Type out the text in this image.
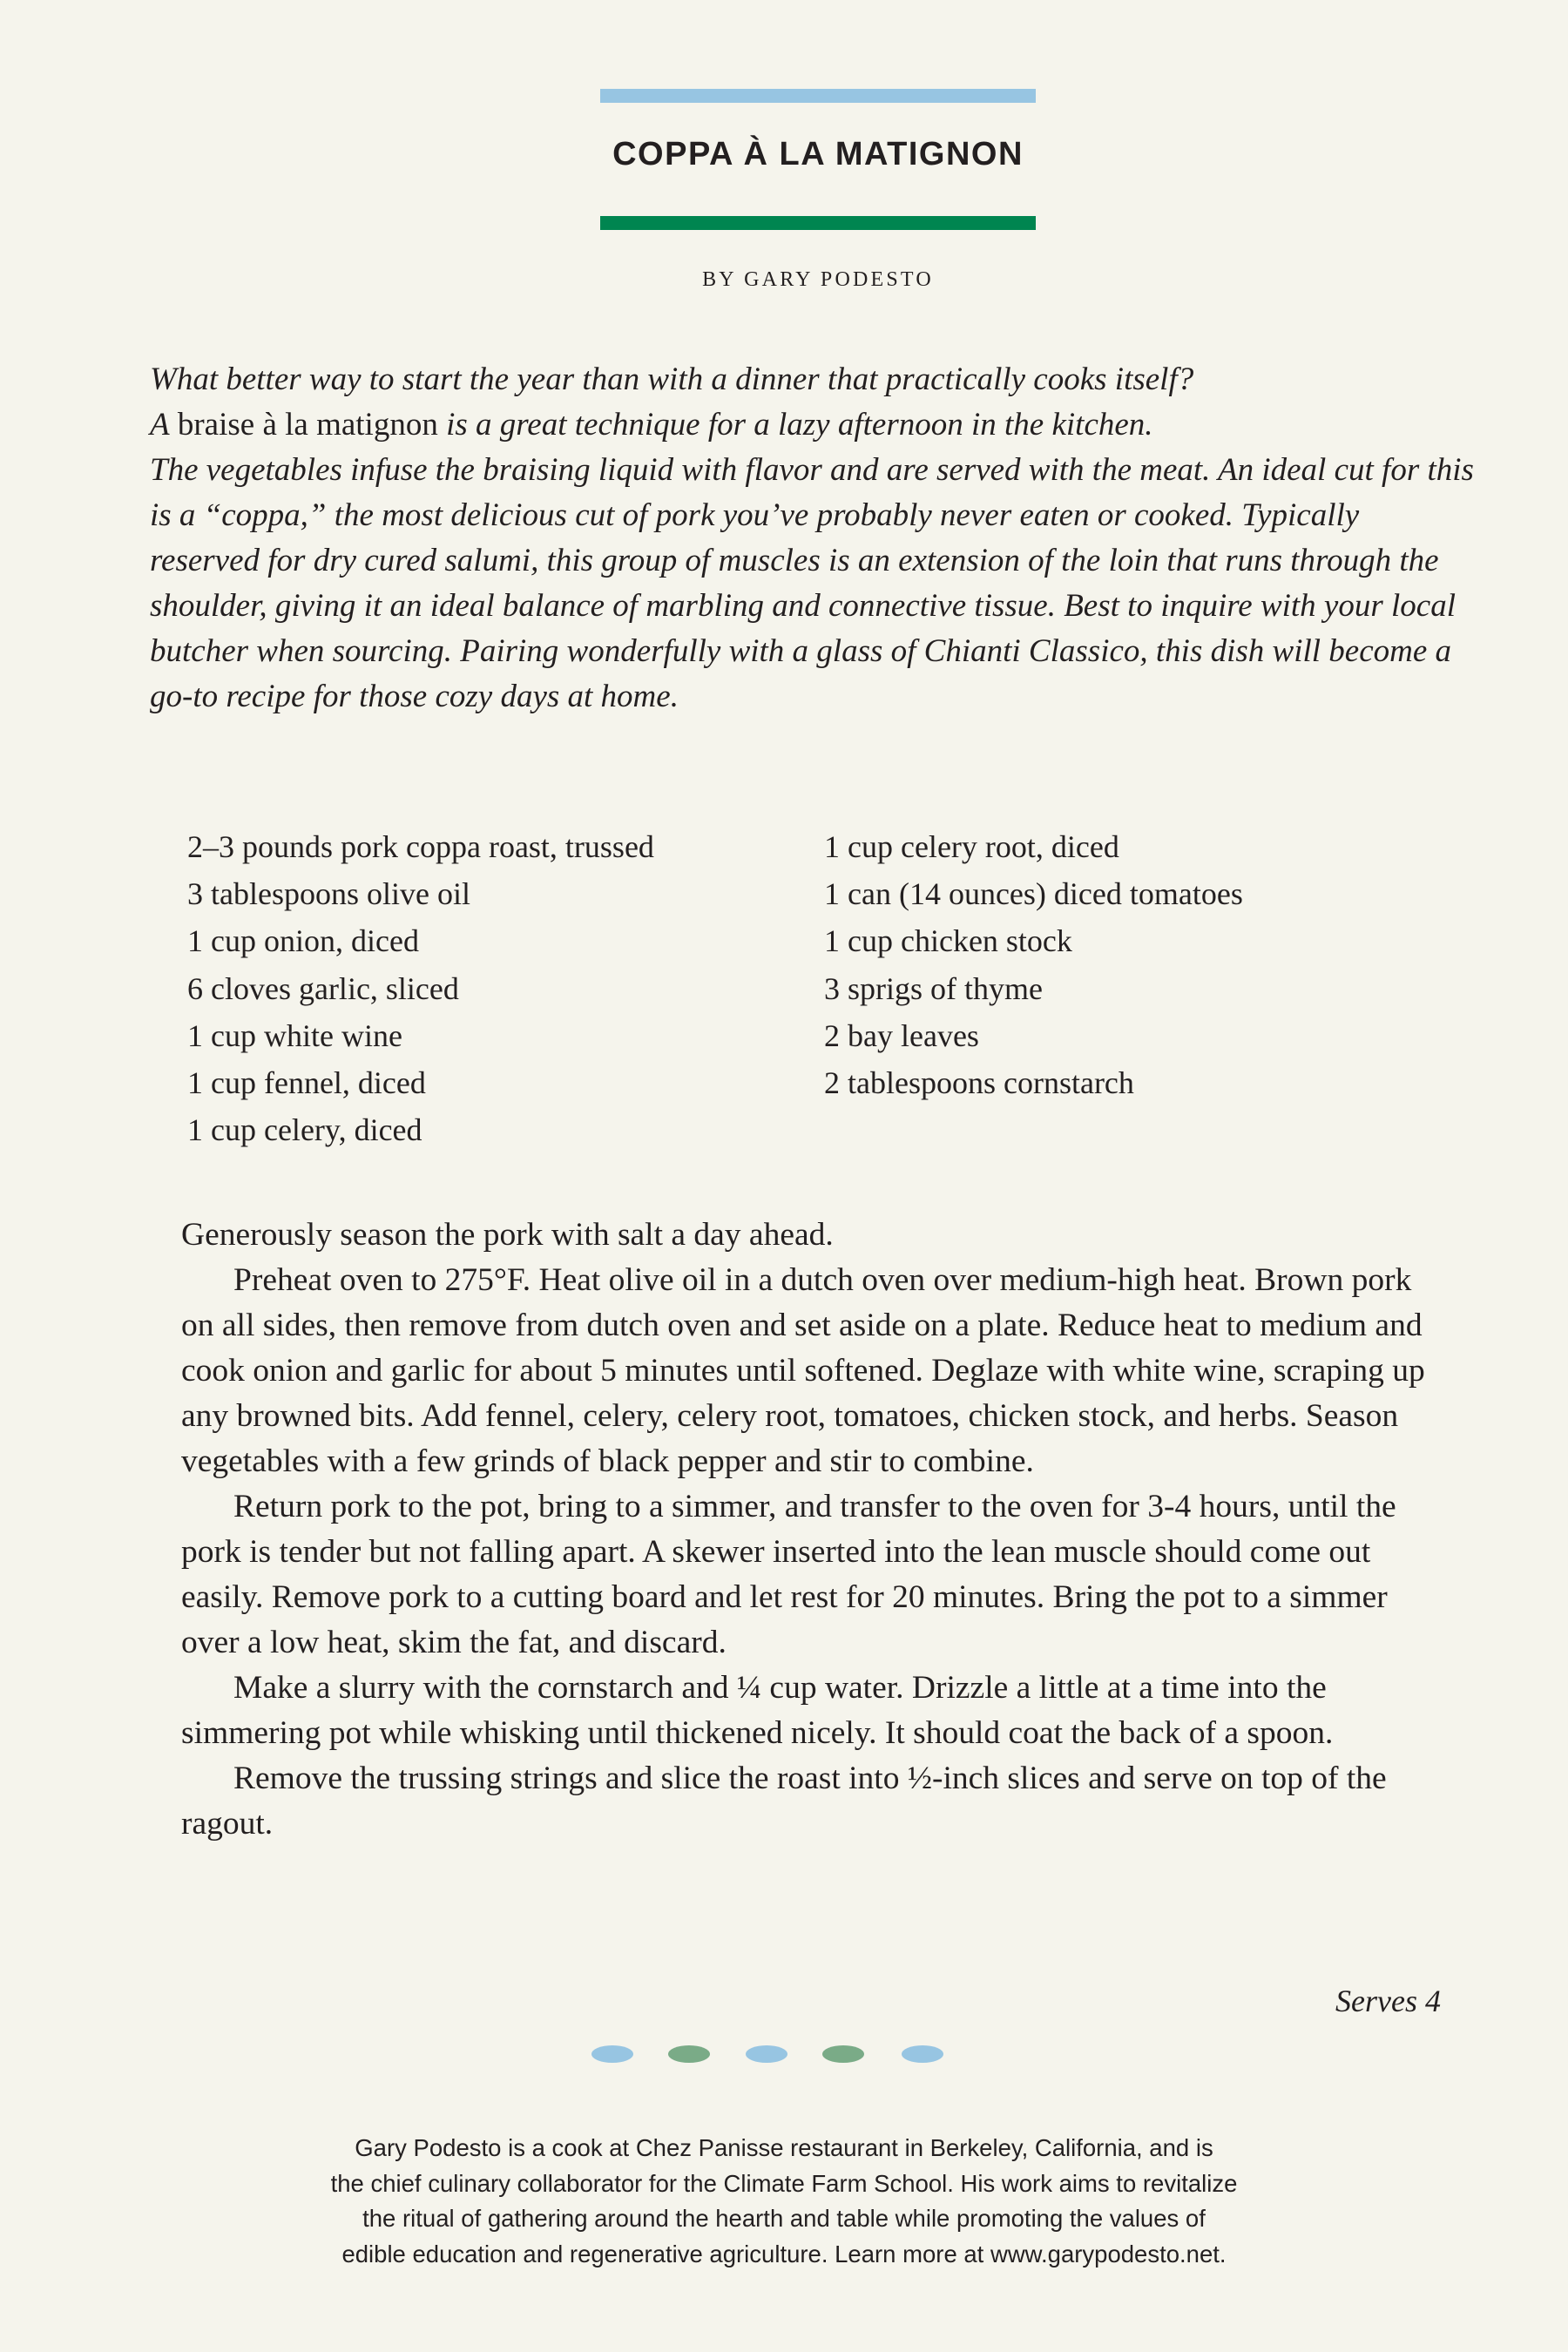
COPPA À LA MATIGNON
BY GARY PODESTO

What better way to start the year than with a dinner that practically cooks itself?
A braise à la matignon is a great technique for a lazy afternoon in the kitchen.
The vegetables infuse the braising liquid with flavor and are served with the meat. An ideal cut for this is a “coppa,” the most delicious cut of pork you’ve probably never eaten or cooked. Typically reserved for dry cured salumi, this group of muscles is an extension of the loin that runs through the shoulder, giving it an ideal balance of marbling and connective tissue. Best to inquire with your local butcher when sourcing. Pairing wonderfully with a glass of Chianti Classico, this dish will become a go-to recipe for those cozy days at home.

2–3 pounds pork coppa roast, trussed
3 tablespoons olive oil
1 cup onion, diced
6 cloves garlic, sliced
1 cup white wine
1 cup fennel, diced
1 cup celery, diced
1 cup celery root, diced
1 can (14 ounces) diced tomatoes
1 cup chicken stock
3 sprigs of thyme
2 bay leaves
2 tablespoons cornstarch

Generously season the pork with salt a day ahead.

Preheat oven to 275°F. Heat olive oil in a dutch oven over medium-high heat. Brown pork on all sides, then remove from dutch oven and set aside on a plate. Reduce heat to medium and cook onion and garlic for about 5 minutes until softened. Deglaze with white wine, scraping up any browned bits. Add fennel, celery, celery root, tomatoes, chicken stock, and herbs. Season vegetables with a few grinds of black pepper and stir to combine.

Return pork to the pot, bring to a simmer, and transfer to the oven for 3-4 hours, until the pork is tender but not falling apart. A skewer inserted into the lean muscle should come out easily. Remove pork to a cutting board and let rest for 20 minutes. Bring the pot to a simmer over a low heat, skim the fat, and discard.

Make a slurry with the cornstarch and ¼ cup water. Drizzle a little at a time into the simmering pot while whisking until thickened nicely. It should coat the back of a spoon.

Remove the trussing strings and slice the roast into ½-inch slices and serve on top of the ragout.

Serves 4
Gary Podesto is a cook at Chez Panisse restaurant in Berkeley, California, and is
the chief culinary collaborator for the Climate Farm School. His work aims to revitalize
the ritual of gathering around the hearth and table while promoting the values of
edible education and regenerative agriculture. Learn more at www.garypodesto.net.
